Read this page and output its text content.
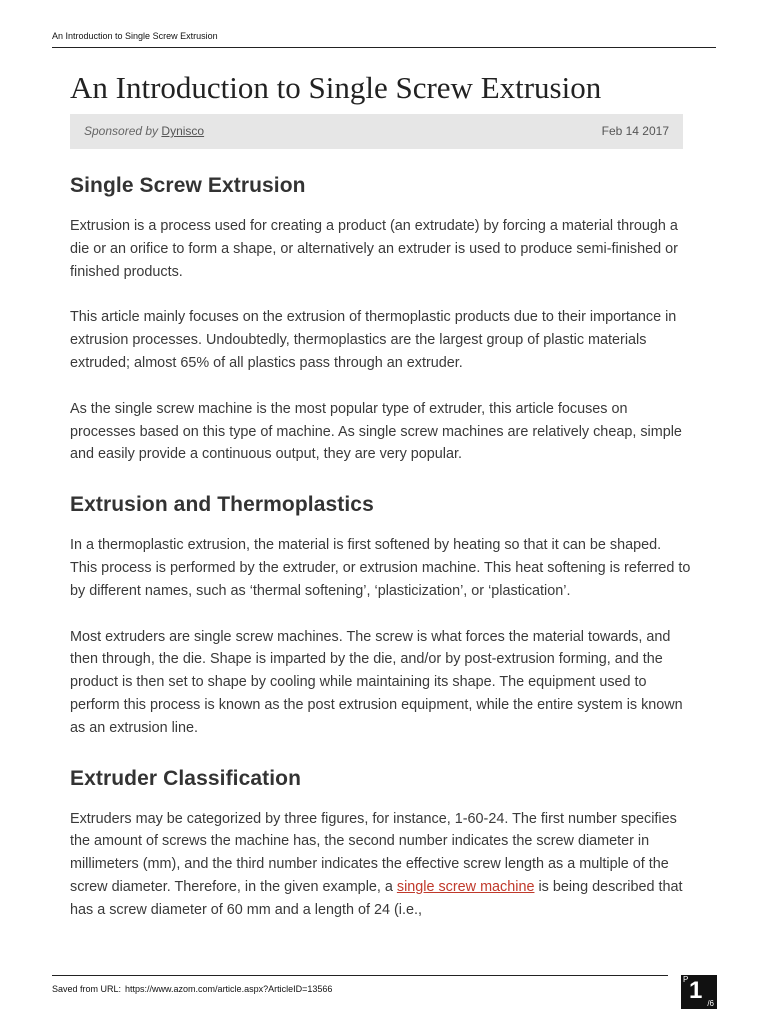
An Introduction to Single Screw Extrusion
An Introduction to Single Screw Extrusion
Sponsored by Dynisco	Feb 14 2017
Single Screw Extrusion

Extrusion is a process used for creating a product (an extrudate) by forcing a material through a die or an orifice to form a shape, or alternatively an extruder is used to produce semi-finished or finished products.

This article mainly focuses on the extrusion of thermoplastic products due to their importance in extrusion processes. Undoubtedly, thermoplastics are the largest group of plastic materials extruded; almost 65% of all plastics pass through an extruder.

As the single screw machine is the most popular type of extruder, this article focuses on processes based on this type of machine. As single screw machines are relatively cheap, simple and easily provide a continuous output, they are very popular.

Extrusion and Thermoplastics

In a thermoplastic extrusion, the material is first softened by heating so that it can be shaped. This process is performed by the extruder, or extrusion machine. This heat softening is referred to by different names, such as ‘thermal softening’, ‘plasticization’, or ‘plastication’.

Most extruders are single screw machines. The screw is what forces the material towards, and then through, the die. Shape is imparted by the die, and/or by post-extrusion forming, and the product is then set to shape by cooling while maintaining its shape. The equipment used to perform this process is known as the post extrusion equipment, while the entire system is known as an extrusion line.

Extruder Classification

Extruders may be categorized by three figures, for instance, 1-60-24. The first number specifies the amount of screws the machine has, the second number indicates the screw diameter in millimeters (mm), and the third number indicates the effective screw length as a multiple of the screw diameter. Therefore, in the given example, a single screw machine is being described that has a screw diameter of 60 mm and a length of 24 (i.e.,

Saved from URL: https://www.azom.com/article.aspx?ArticleID=13566
P 1 /6
